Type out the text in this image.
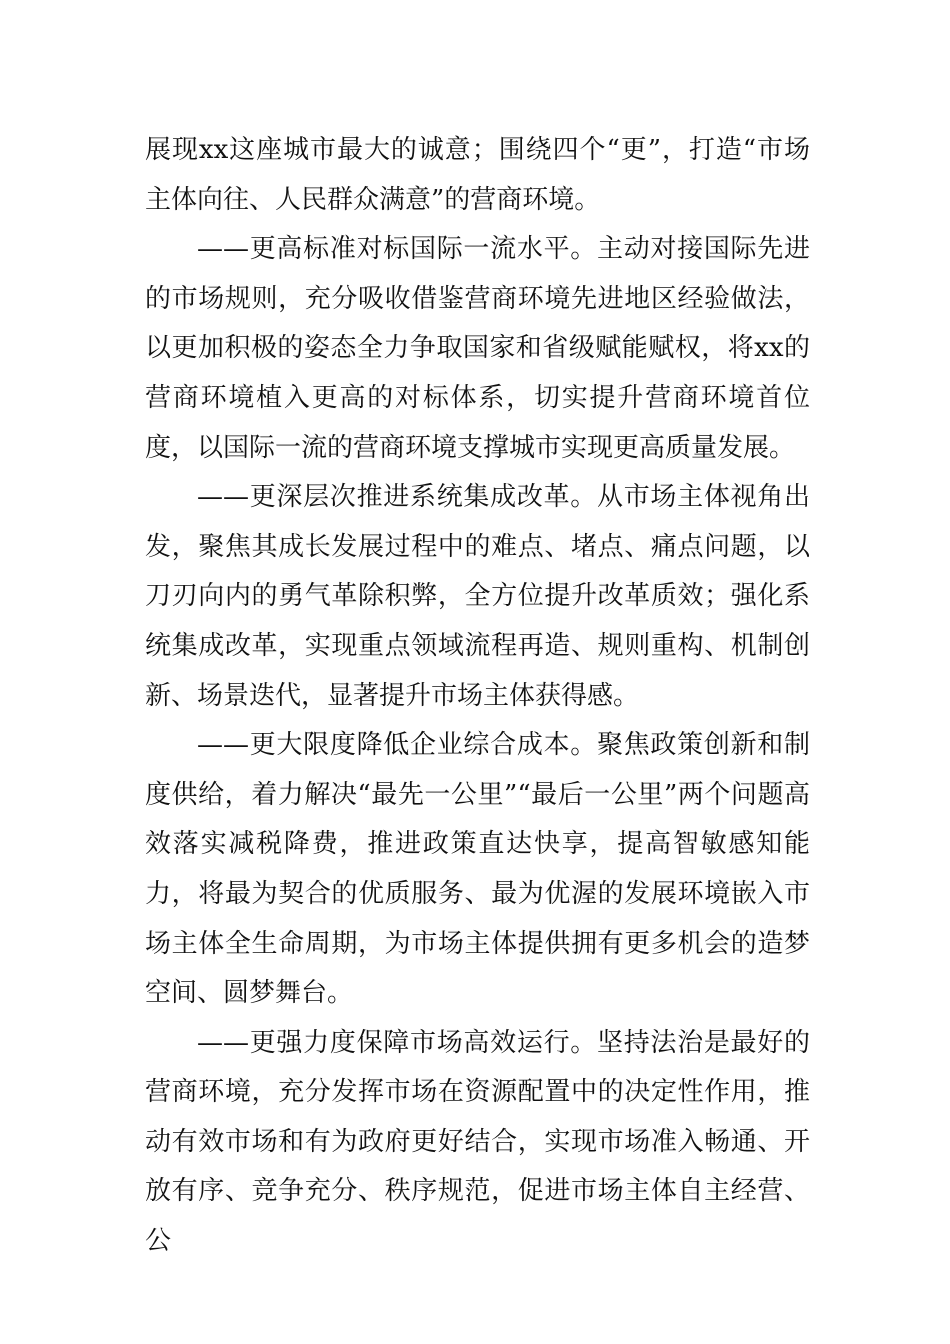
展现xx这座城市最大的诚意；围绕四个“更”，打造“市场主体向往、人民群众满意”的营商环境。

——更高标准对标国际一流水平。主动对接国际先进的市场规则，充分吸收借鉴营商环境先进地区经验做法，以更加积极的姿态全力争取国家和省级赋能赋权，将xx的营商环境植入更高的对标体系，切实提升营商环境首位度，以国际一流的营商环境支撑城市实现更高质量发展。

——更深层次推进系统集成改革。从市场主体视角出发，聚焦其成长发展过程中的难点、堵点、痛点问题，以刀刃向内的勇气革除积弊，全方位提升改革质效；强化系统集成改革，实现重点领域流程再造、规则重构、机制创新、场景迭代，显著提升市场主体获得感。

——更大限度降低企业综合成本。聚焦政策创新和制度供给，着力解决“最先一公里”“最后一公里”两个问题高效落实减税降费，推进政策直达快享，提高智敏感知能力，将最为契合的优质服务、最为优渥的发展环境嵌入市场主体全生命周期，为市场主体提供拥有更多机会的造梦空间、圆梦舞台。

——更强力度保障市场高效运行。坚持法治是最好的营商环境，充分发挥市场在资源配置中的决定性作用，推动有效市场和有为政府更好结合，实现市场准入畅通、开放有序、竞争充分、秩序规范，促进市场主体自主经营、公
